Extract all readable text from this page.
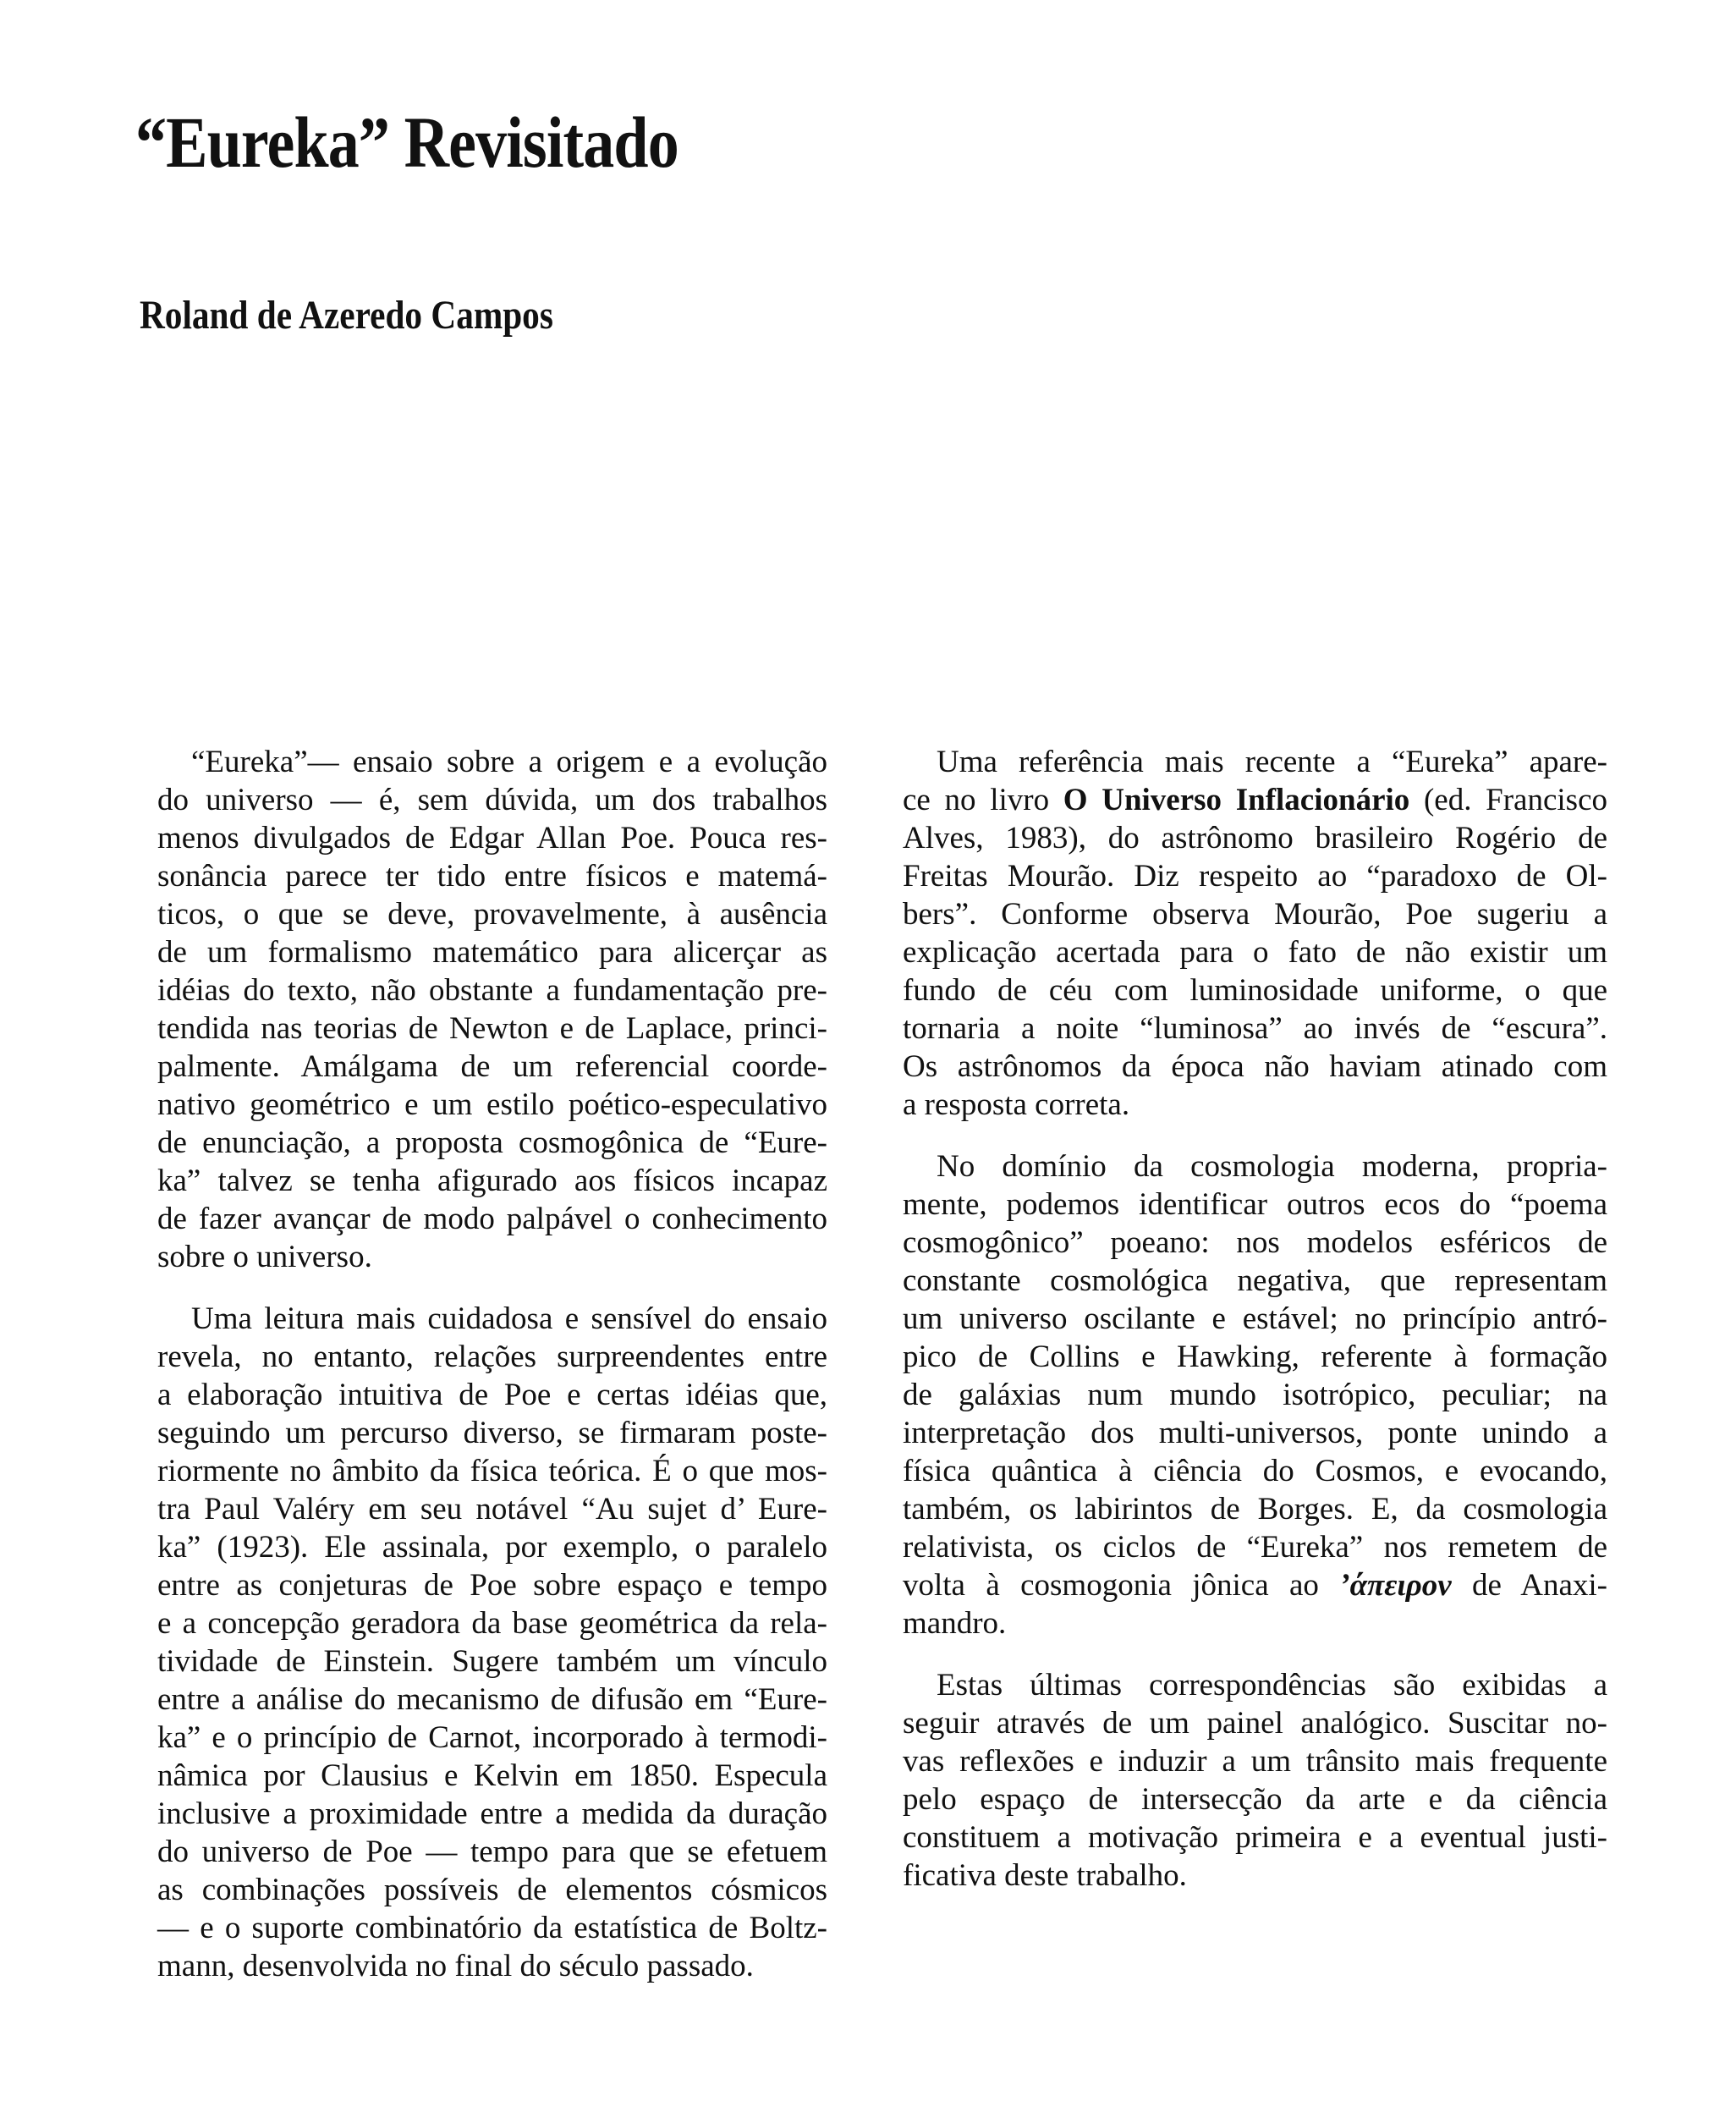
“Eureka” Revisitado
Roland de Azeredo Campos

“Eureka”— ensaio sobre a origem e a evolução
do universo — é, sem dúvida, um dos trabalhos
menos divulgados de Edgar Allan Poe. Pouca res-
sonância parece ter tido entre físicos e matemá-
ticos, o que se deve, provavelmente, à ausência
de um formalismo matemático para alicerçar as
idéias do texto, não obstante a fundamentação pre-
tendida nas teorias de Newton e de Laplace, princi-
palmente. Amálgama de um referencial coorde-
nativo geométrico e um estilo poético-especulativo
de enunciação, a proposta cosmogônica de “Eure-
ka” talvez se tenha afigurado aos físicos incapaz
de fazer avançar de modo palpável o conhecimento
sobre o universo.

Uma leitura mais cuidadosa e sensível do ensaio
revela, no entanto, relações surpreendentes entre
a elaboração intuitiva de Poe e certas idéias que,
seguindo um percurso diverso, se firmaram poste-
riormente no âmbito da física teórica. É o que mos-
tra Paul Valéry em seu notável “Au sujet d’ Eure-
ka” (1923). Ele assinala, por exemplo, o paralelo
entre as conjeturas de Poe sobre espaço e tempo
e a concepção geradora da base geométrica da rela-
tividade de Einstein. Sugere também um vínculo
entre a análise do mecanismo de difusão em “Eure-
ka” e o princípio de Carnot, incorporado à termodi-
nâmica por Clausius e Kelvin em 1850. Especula
inclusive a proximidade entre a medida da duração
do universo de Poe — tempo para que se efetuem
as combinações possíveis de elementos cósmicos
— e o suporte combinatório da estatística de Boltz-
mann, desenvolvida no final do século passado.

Uma referência mais recente a “Eureka” apare-
ce no livro O Universo Inflacionário (ed. Francisco
Alves, 1983), do astrônomo brasileiro Rogério de
Freitas Mourão. Diz respeito ao “paradoxo de Ol-
bers”. Conforme observa Mourão, Poe sugeriu a
explicação acertada para o fato de não existir um
fundo de céu com luminosidade uniforme, o que
tornaria a noite “luminosa” ao invés de “escura”.
Os astrônomos da época não haviam atinado com
a resposta correta.

No domínio da cosmologia moderna, propria-
mente, podemos identificar outros ecos do “poema
cosmogônico” poeano: nos modelos esféricos de
constante cosmológica negativa, que representam
um universo oscilante e estável; no princípio antró-
pico de Collins e Hawking, referente à formação
de galáxias num mundo isotrópico, peculiar; na
interpretação dos multi-universos, ponte unindo a
física quântica à ciência do Cosmos, e evocando,
também, os labirintos de Borges. E, da cosmologia
relativista, os ciclos de “Eureka” nos remetem de
volta à cosmogonia jônica ao ’άπειρον de Anaxi-
mandro.

Estas últimas correspondências são exibidas a
seguir através de um painel analógico. Suscitar no-
vas reflexões e induzir a um trânsito mais frequente
pelo espaço de intersecção da arte e da ciência
constituem a motivação primeira e a eventual justi-
ficativa deste trabalho.
